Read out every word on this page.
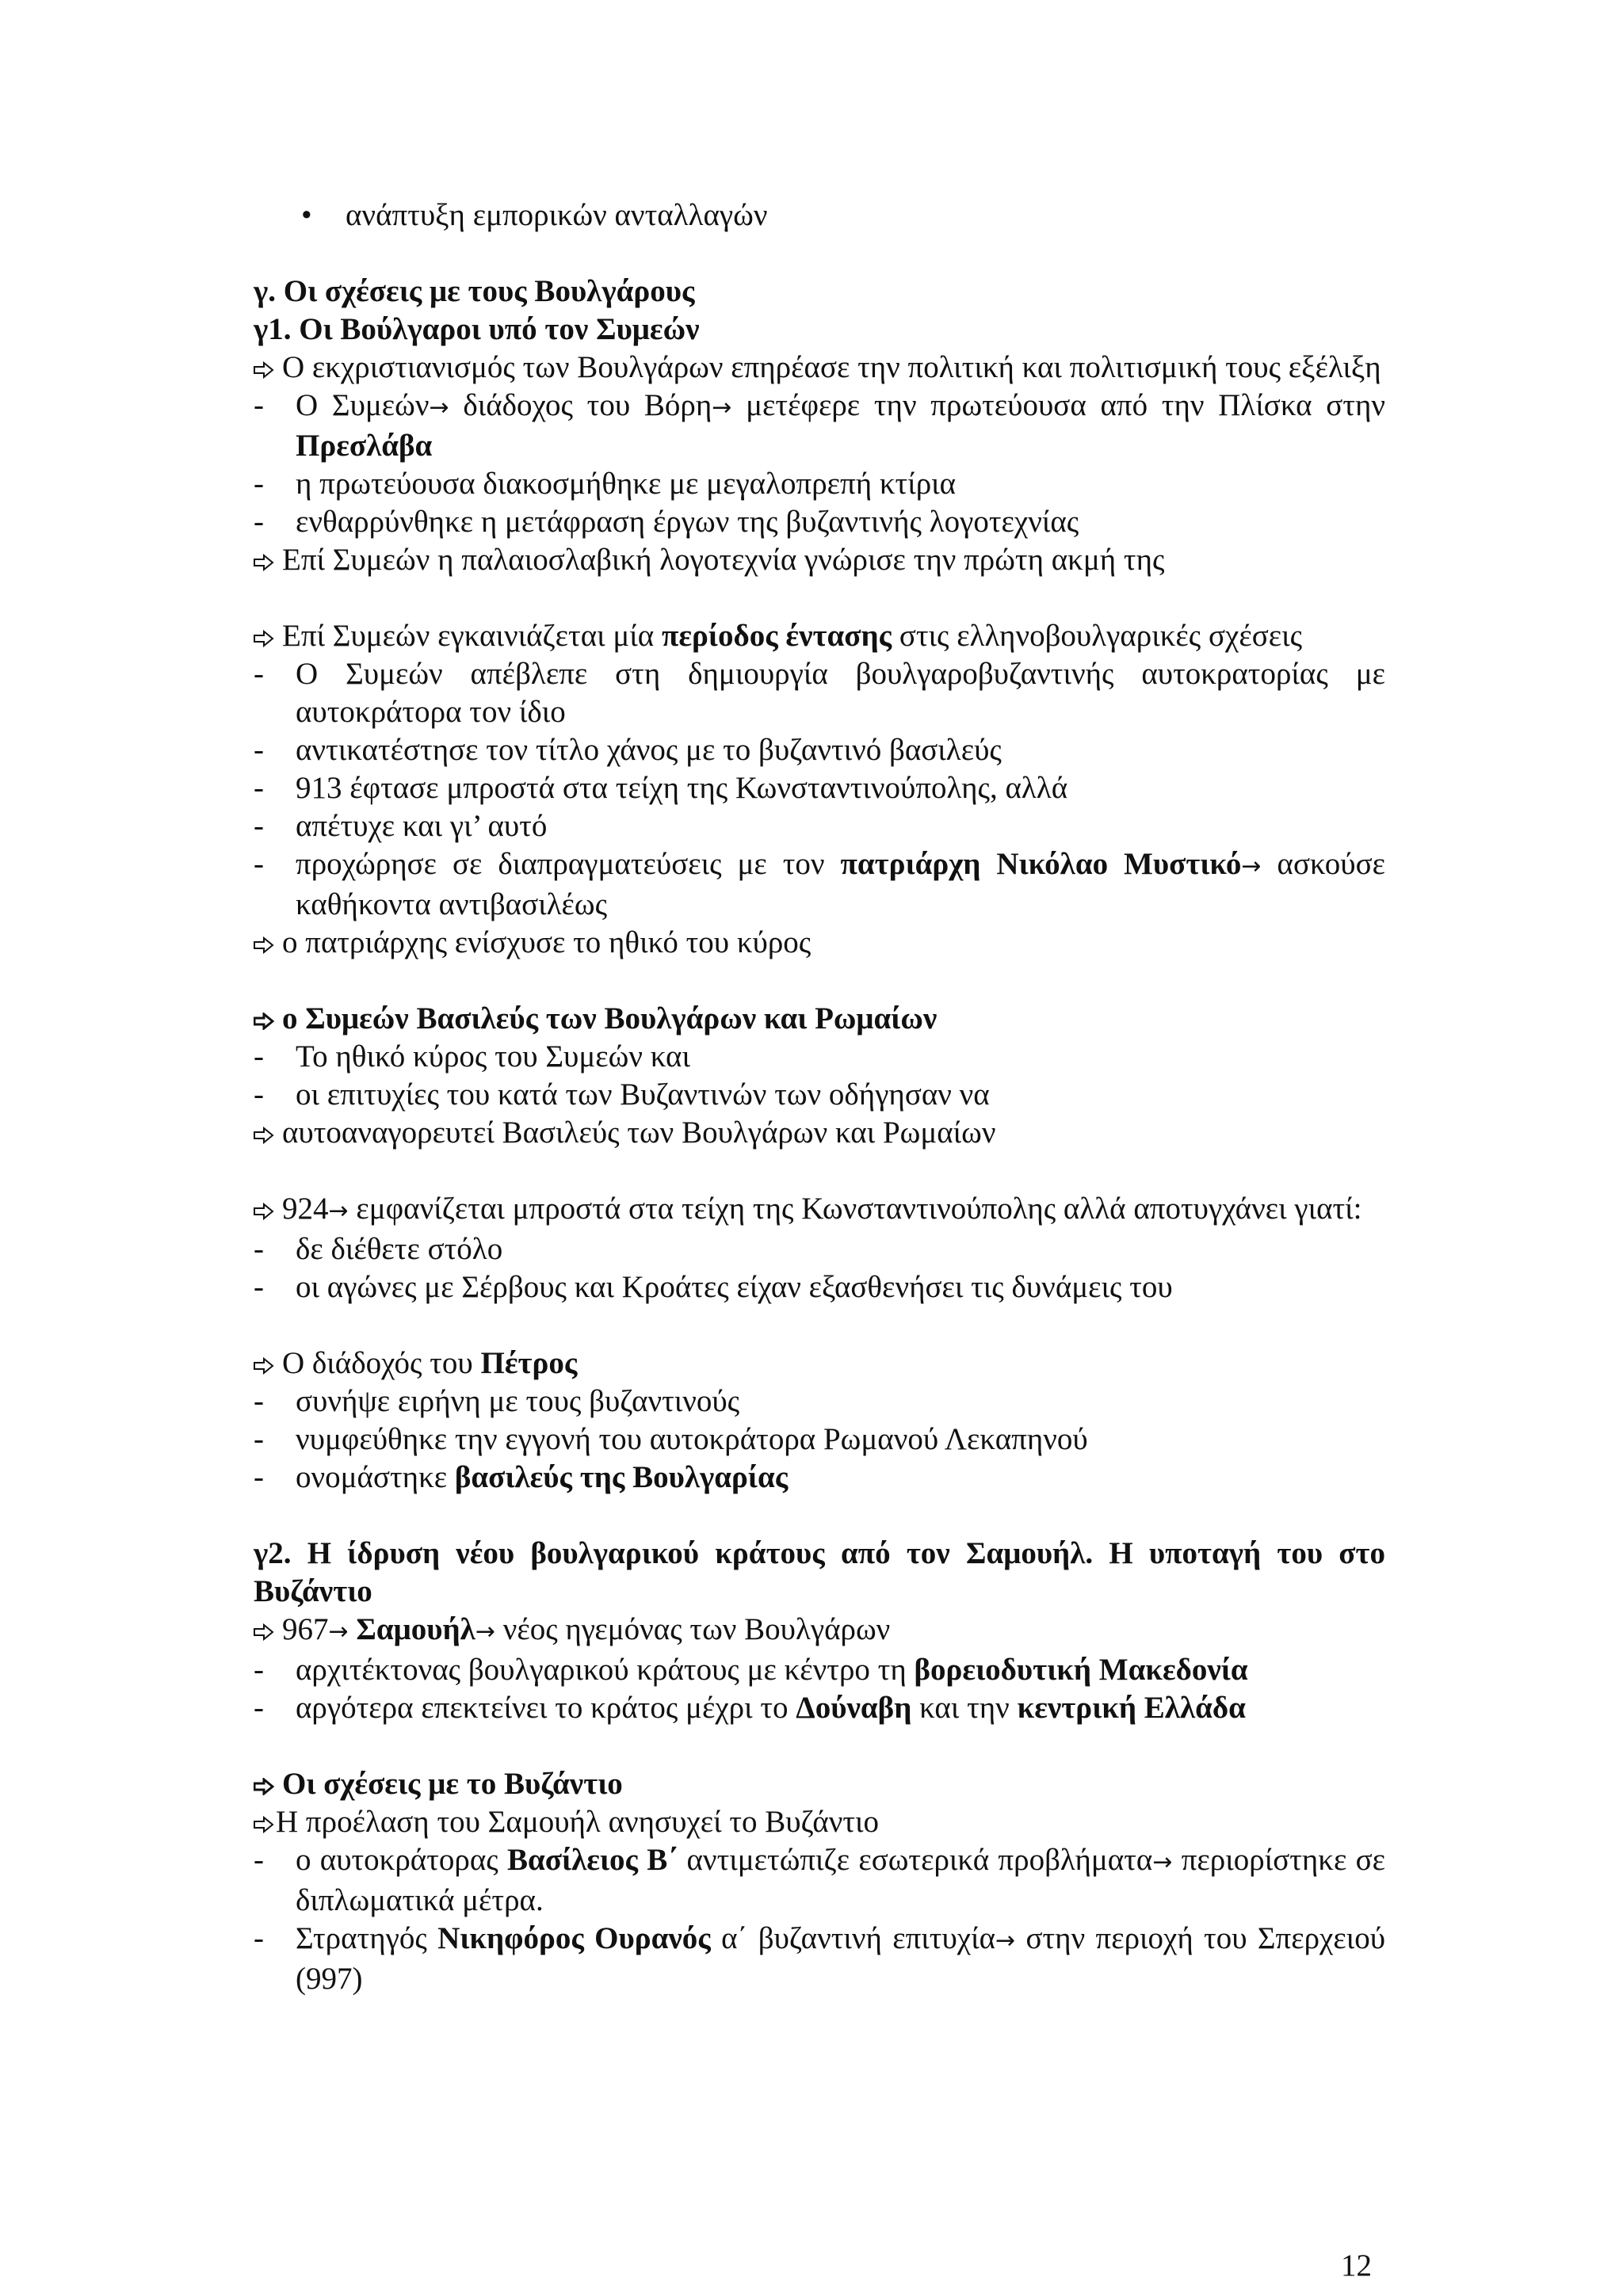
• ανάπτυξη εμπορικών ανταλλαγών

γ. Οι σχέσεις με τους Βουλγάρους

γ1. Οι Βούλγαροι υπό τον Συμεών

Ο εκχριστιανισμός των Βουλγάρων επηρέασε την πολιτική και πολιτισμική τους εξέλιξη
-	Ο Συμεών→ διάδοχος του Βόρη→ μετέφερε την πρωτεύουσα από την Πλίσκα στην Πρεσλάβα
-	η πρωτεύουσα διακοσμήθηκε με μεγαλοπρεπή κτίρια
-	ενθαρρύνθηκε η μετάφραση έργων της βυζαντινής λογοτεχνίας
Επί Συμεών η παλαιοσλαβική λογοτεχνία γνώρισε την πρώτη ακμή της
Επί Συμεών εγκαινιάζεται μία περίοδος έντασης στις ελληνοβουλγαρικές σχέσεις
-	Ο Συμεών απέβλεπε στη δημιουργία βουλγαροβυζαντινής αυτοκρατορίας με αυτοκράτορα τον ίδιο
-	αντικατέστησε τον τίτλο χάνος με το βυζαντινό βασιλεύς
-	913 έφτασε μπροστά στα τείχη της Κωνσταντινούπολης, αλλά
-	απέτυχε και γι’ αυτό
-	προχώρησε σε διαπραγματεύσεις με τον πατριάρχη Νικόλαο Μυστικό→ ασκούσε καθήκοντα αντιβασιλέως
ο πατριάρχης ενίσχυσε το ηθικό του κύρος
ο Συμεών Βασιλεύς των Βουλγάρων και Ρωμαίων
-	Το ηθικό κύρος του Συμεών και
-	οι επιτυχίες του κατά των Βυζαντινών των οδήγησαν να
αυτοαναγορευτεί Βασιλεύς των Βουλγάρων και Ρωμαίων
924→ εμφανίζεται μπροστά στα τείχη της Κωνσταντινούπολης αλλά αποτυγχάνει γιατί:
-	δε διέθετε στόλο
-	οι αγώνες με Σέρβους και Κροάτες είχαν εξασθενήσει τις δυνάμεις του
Ο διάδοχός του Πέτρος
-	συνήψε ειρήνη με τους βυζαντινούς
-	νυμφεύθηκε την εγγονή του αυτοκράτορα Ρωμανού Λεκαπηνού
-	ονομάστηκε βασιλεύς της Βουλγαρίας

γ2. Η ίδρυση νέου βουλγαρικού κράτους από τον Σαμουήλ. Η υποταγή του στο Βυζάντιο

967→ Σαμουήλ→ νέος ηγεμόνας των Βουλγάρων
-	αρχιτέκτονας βουλγαρικού κράτους με κέντρο τη βορειοδυτική Μακεδονία
-	αργότερα επεκτείνει το κράτος μέχρι το Δούναβη και την κεντρική Ελλάδα
Οι σχέσεις με το Βυζάντιο
Η προέλαση του Σαμουήλ ανησυχεί το Βυζάντιο
-	ο αυτοκράτορας Βασίλειος Β΄ αντιμετώπιζε εσωτερικά προβλήματα→ περιορίστηκε σε διπλωματικά μέτρα.
-	Στρατηγός Νικηφόρος Ουρανός α΄ βυζαντινή επιτυχία→ στην περιοχή του Σπερχειού (997)
12
